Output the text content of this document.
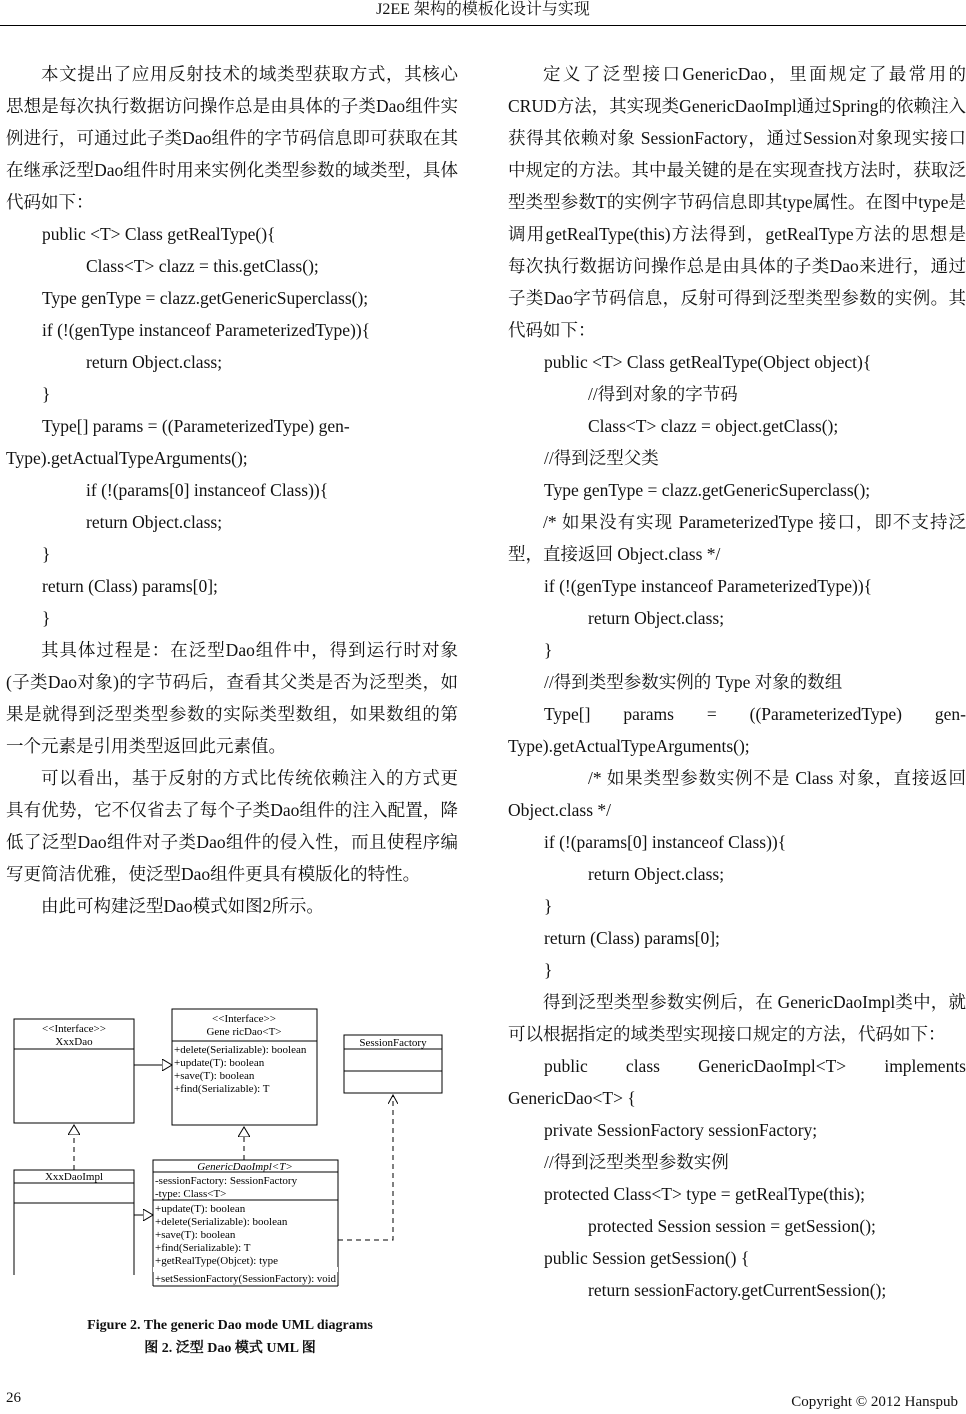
J2EE 架构的模板化设计与实现

本文提出了应用反射技术的域类型获取方式，其核心思想是每次执行数据访问操作总是由具体的子类Dao组件实例进行，可通过此子类Dao组件的字节码信息即可获取在其在继承泛型Dao组件时用来实例化类型参数的域类型，具体代码如下：

public <T> Class getRealType(){
Class<T> clazz = this.getClass();
Type genType = clazz.getGenericSuperclass();
if (!(genType instanceof ParameterizedType)){
return Object.class;
}
Type[] params = ((ParameterizedType) gen-
Type).getActualTypeArguments();
if (!(params[0] instanceof Class)){
return Object.class;
}
return (Class) params[0];
}

其具体过程是：在泛型Dao组件中，得到运行时对象(子类Dao对象)的字节码后，查看其父类是否为泛型类，如果是就得到泛型类型参数的实际类型数组，如果数组的第一个元素是引用类型返回此元素值。

可以看出，基于反射的方式比传统依赖注入的方式更具有优势，它不仅省去了每个子类Dao组件的注入配置，降低了泛型Dao组件对子类Dao组件的侵入性，而且使程序编写更简洁优雅，使泛型Dao组件更具有模版化的特性。

由此可构建泛型Dao模式如图2所示。

<<Interface>>
XxxDao
<<Interface>>
Gene ricDao<T>
+delete(Serializable): boolean
+update(T): boolean
+save(T): boolean
+find(Serializable): T
XxxDaoImpl
GenericDaoImpl<T>
-sessionFactory: SessionFactory
-type: Class<T>
+update(T): boolean
+delete(Serializable): boolean
+save(T): boolean
+find(Serializable): T
+getRealType(Objcet): type
SessionFactory
+setSessionFactory(SessionFactory): void
Figure 2. The generic Dao mode UML diagrams
图 2. 泛型 Dao 模式 UML 图

定义了泛型接口GenericDao，里面规定了最常用的CRUD方法，其实现类GenericDaoImpl通过Spring的依赖注入获得其依赖对象 SessionFactory，通过Session对象现实接口中规定的方法。其中最关键的是在实现查找方法时，获取泛型类型参数T的实例字节码信息即其type属性。在图中type是调用getRealType(this)方法得到，getRealType方法的思想是每次执行数据访问操作总是由具体的子类Dao来进行，通过子类Dao字节码信息，反射可得到泛型类型参数的实例。其代码如下：

public <T> Class getRealType(Object object){
//得到对象的字节码
Class<T> clazz = object.getClass();
//得到泛型父类
Type genType = clazz.getGenericSuperclass();

/* 如果没有实现 ParameterizedType 接口，即不支持泛型，直接返回 Object.class */

if (!(genType instanceof ParameterizedType)){
return Object.class;
}
//得到类型参数实例的 Type 对象的数组
Type[] params = ((ParameterizedType) gen-
Type).getActualTypeArguments();

/* 如果类型参数实例不是 Class 对象，直接返回 Object.class */

if (!(params[0] instanceof Class)){
return Object.class;
}
return (Class) params[0];
}

得到泛型类型参数实例后，在 GenericDaoImpl类中，就可以根据指定的域类型实现接口规定的方法，代码如下：

public class GenericDaoImpl<T> implements
GenericDao<T> {
private SessionFactory sessionFactory;
//得到泛型类型参数实例
protected Class<T> type = getRealType(this);
protected Session session = getSession();
public Session getSession() {
return sessionFactory.getCurrentSession();
26	Copyright © 2012 Hanspub
